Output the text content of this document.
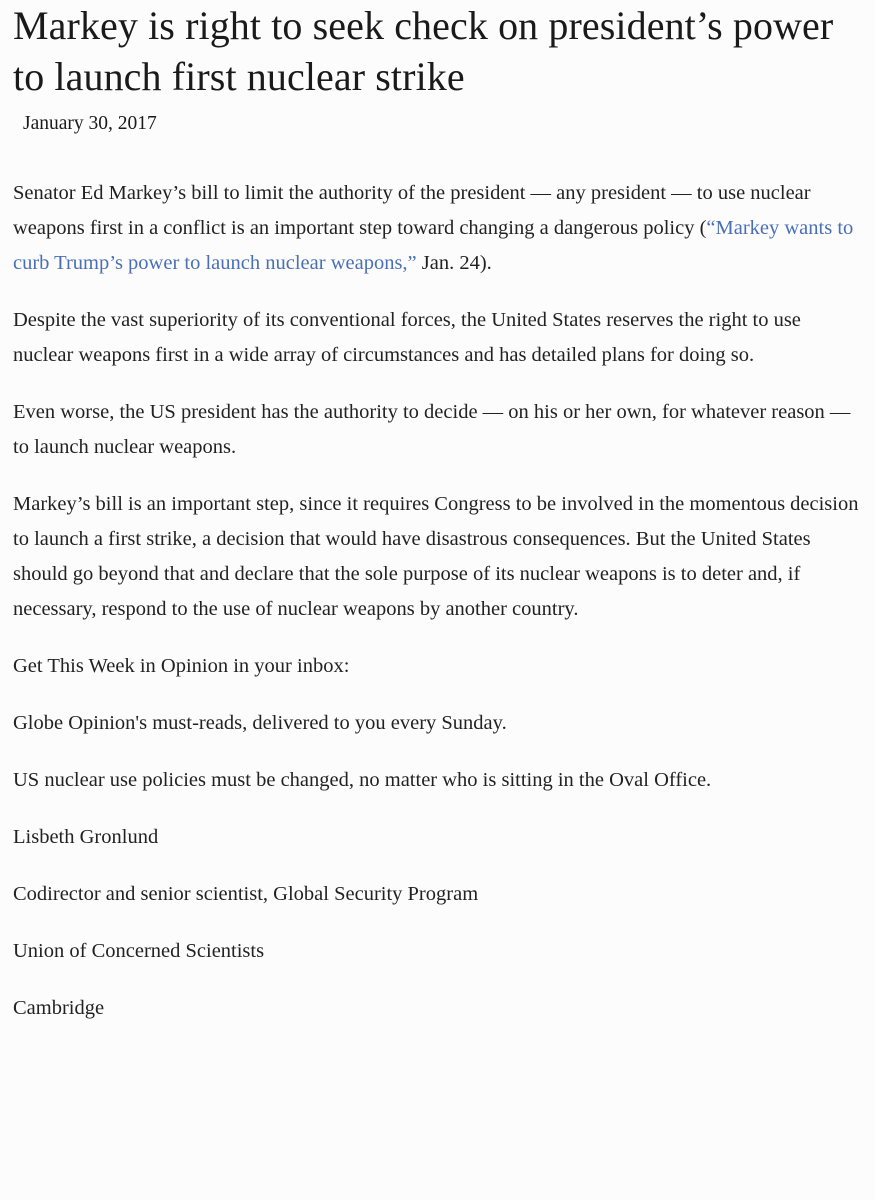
Markey is right to seek check on president’s power to launch first nuclear strike
January 30, 2017

Senator Ed Markey’s bill to limit the authority of the president — any president — to use nuclear weapons first in a conflict is an important step toward changing a dangerous policy (“Markey wants to curb Trump’s power to launch nuclear weapons,” Jan. 24).

Despite the vast superiority of its conventional forces, the United States reserves the right to use nuclear weapons first in a wide array of circumstances and has detailed plans for doing so.

Even worse, the US president has the authority to decide — on his or her own, for whatever reason — to launch nuclear weapons.

Markey’s bill is an important step, since it requires Congress to be involved in the momentous decision to launch a first strike, a decision that would have disastrous consequences. But the United States should go beyond that and declare that the sole purpose of its nuclear weapons is to deter and, if necessary, respond to the use of nuclear weapons by another country.

Get This Week in Opinion in your inbox:

Globe Opinion's must-reads, delivered to you every Sunday.

US nuclear use policies must be changed, no matter who is sitting in the Oval Office.

Lisbeth Gronlund

Codirector and senior scientist, Global Security Program

Union of Concerned Scientists

Cambridge
